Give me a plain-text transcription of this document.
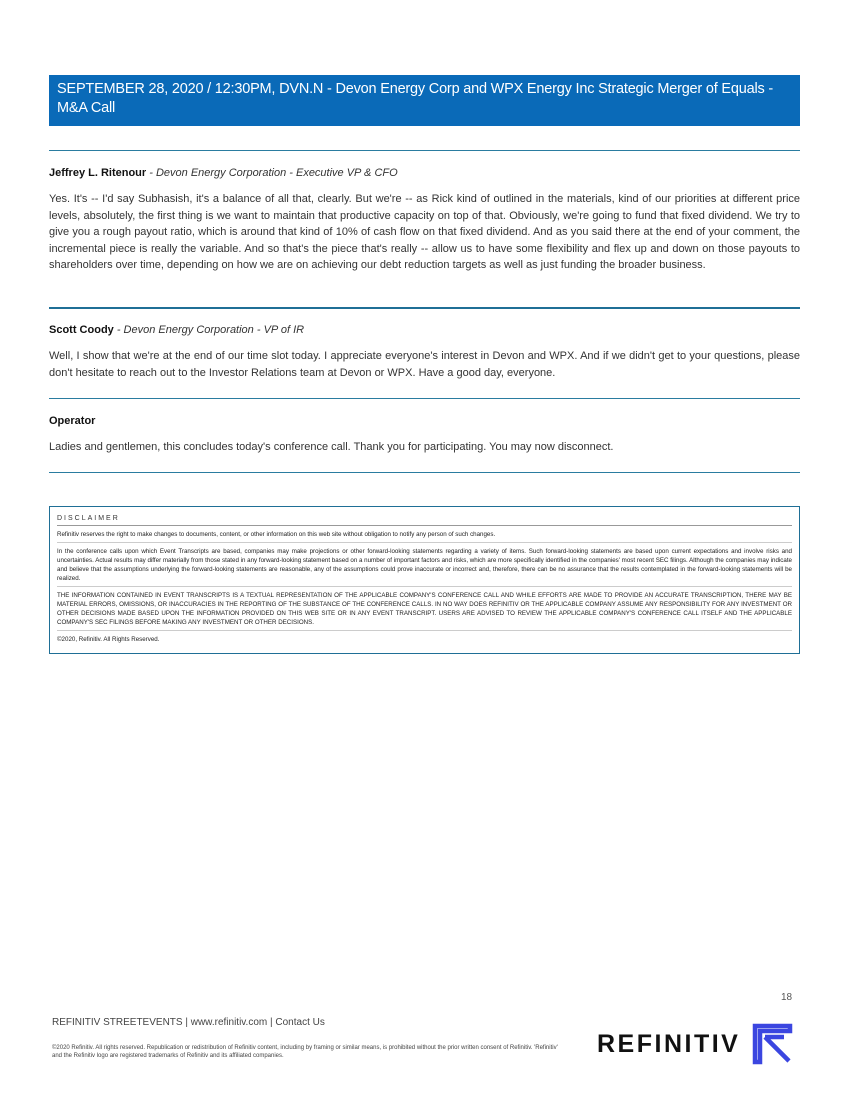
SEPTEMBER 28, 2020 / 12:30PM, DVN.N - Devon Energy Corp and WPX Energy Inc Strategic Merger of Equals - M&A Call
Jeffrey L. Ritenour - Devon Energy Corporation - Executive VP & CFO
Yes. It's -- I'd say Subhasish, it's a balance of all that, clearly. But we're -- as Rick kind of outlined in the materials, kind of our priorities at different price levels, absolutely, the first thing is we want to maintain that productive capacity on top of that. Obviously, we're going to fund that fixed dividend. We try to give you a rough payout ratio, which is around that kind of 10% of cash flow on that fixed dividend. And as you said there at the end of your comment, the incremental piece is really the variable. And so that's the piece that's really -- allow us to have some flexibility and flex up and down on those payouts to shareholders over time, depending on how we are on achieving our debt reduction targets as well as just funding the broader business.
Scott Coody - Devon Energy Corporation - VP of IR
Well, I show that we're at the end of our time slot today. I appreciate everyone's interest in Devon and WPX. And if we didn't get to your questions, please don't hesitate to reach out to the Investor Relations team at Devon or WPX. Have a good day, everyone.
Operator
Ladies and gentlemen, this concludes today's conference call. Thank you for participating. You may now disconnect.
DISCLAIMER
Refinitiv reserves the right to make changes to documents, content, or other information on this web site without obligation to notify any person of such changes.
In the conference calls upon which Event Transcripts are based, companies may make projections or other forward-looking statements regarding a variety of items. Such forward-looking statements are based upon current expectations and involve risks and uncertainties. Actual results may differ materially from those stated in any forward-looking statement based on a number of important factors and risks, which are more specifically identified in the companies' most recent SEC filings. Although the companies may indicate and believe that the assumptions underlying the forward-looking statements are reasonable, any of the assumptions could prove inaccurate or incorrect and, therefore, there can be no assurance that the results contemplated in the forward-looking statements will be realized.
THE INFORMATION CONTAINED IN EVENT TRANSCRIPTS IS A TEXTUAL REPRESENTATION OF THE APPLICABLE COMPANY'S CONFERENCE CALL AND WHILE EFFORTS ARE MADE TO PROVIDE AN ACCURATE TRANSCRIPTION, THERE MAY BE MATERIAL ERRORS, OMISSIONS, OR INACCURACIES IN THE REPORTING OF THE SUBSTANCE OF THE CONFERENCE CALLS. IN NO WAY DOES REFINITIV OR THE APPLICABLE COMPANY ASSUME ANY RESPONSIBILITY FOR ANY INVESTMENT OR OTHER DECISIONS MADE BASED UPON THE INFORMATION PROVIDED ON THIS WEB SITE OR IN ANY EVENT TRANSCRIPT. USERS ARE ADVISED TO REVIEW THE APPLICABLE COMPANY'S CONFERENCE CALL ITSELF AND THE APPLICABLE COMPANY'S SEC FILINGS BEFORE MAKING ANY INVESTMENT OR OTHER DECISIONS.
©2020, Refinitiv. All Rights Reserved.
18
REFINITIV STREETEVENTS | www.refinitiv.com | Contact Us
©2020 Refinitiv. All rights reserved. Republication or redistribution of Refinitiv content, including by framing or similar means, is prohibited without the prior written consent of Refinitiv. 'Refinitiv' and the Refinitiv logo are registered trademarks of Refinitiv and its affiliated companies.	REFINITIV
